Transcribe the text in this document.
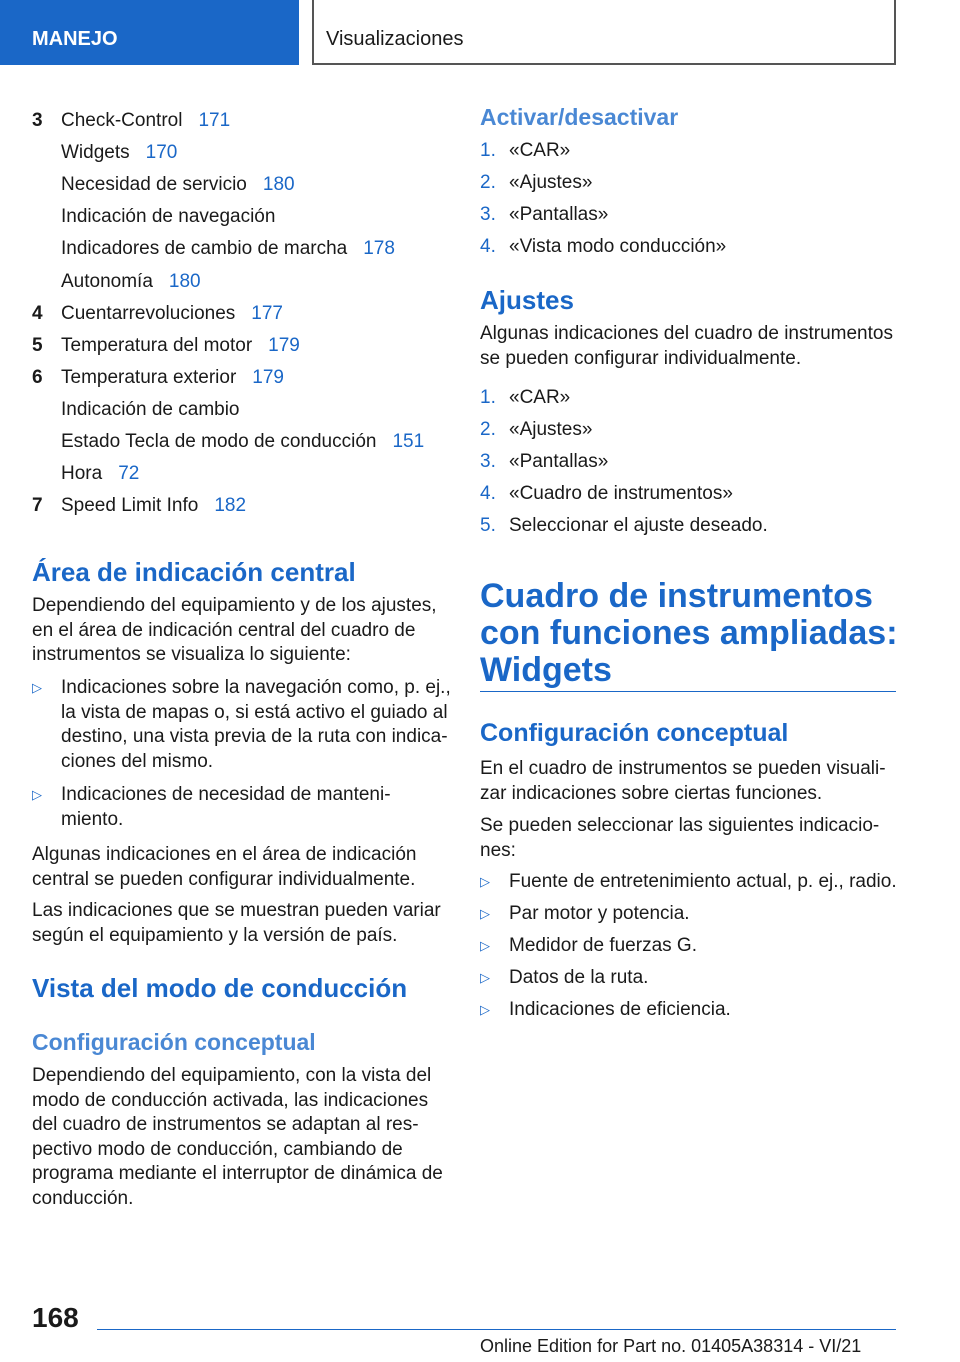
MANEJO	Visualizaciones
3 Check-Control 171
Widgets 170
Necesidad de servicio 180
Indicación de navegación
Indicadores de cambio de marcha 178
Autonomía 180
4 Cuentarrevoluciones 177
5 Temperatura del motor 179
6 Temperatura exterior 179
Indicación de cambio
Estado Tecla de modo de conducción 151
Hora 72
7 Speed Limit Info 182
Área de indicación central
Dependiendo del equipamiento y de los ajustes,
en el área de indicación central del cuadro de
instrumentos se visualiza lo siguiente:
▷ Indicaciones sobre la navegación como, p. ej.,
la vista de mapas o, si está activo el guiado al
destino, una vista previa de la ruta con indica‐
ciones del mismo.
▷ Indicaciones de necesidad de manteni‐
miento.
Algunas indicaciones en el área de indicación
central se pueden configurar individualmente.
Las indicaciones que se muestran pueden variar
según el equipamiento y la versión de país.
Vista del modo de conducción
Configuración conceptual
Dependiendo del equipamiento, con la vista del
modo de conducción activada, las indicaciones
del cuadro de instrumentos se adaptan al res‐
pectivo modo de conducción, cambiando de
programa mediante el interruptor de dinámica de
conducción.
Activar/desactivar
1. «CAR»
2. «Ajustes»
3. «Pantallas»
4. «Vista modo conducción»
Ajustes
Algunas indicaciones del cuadro de instrumentos
se pueden configurar individualmente.
1. «CAR»
2. «Ajustes»
3. «Pantallas»
4. «Cuadro de instrumentos»
5. Seleccionar el ajuste deseado.
Cuadro de instrumentos
con funciones ampliadas:
Widgets
Configuración conceptual
En el cuadro de instrumentos se pueden visuali‐
zar indicaciones sobre ciertas funciones.
Se pueden seleccionar las siguientes indicacio‐
nes:
▷ Fuente de entretenimiento actual, p. ej., radio.
▷ Par motor y potencia.
▷ Medidor de fuerzas G.
▷ Datos de la ruta.
▷ Indicaciones de eficiencia.
168
Online Edition for Part no. 01405A38314 - VI/21
